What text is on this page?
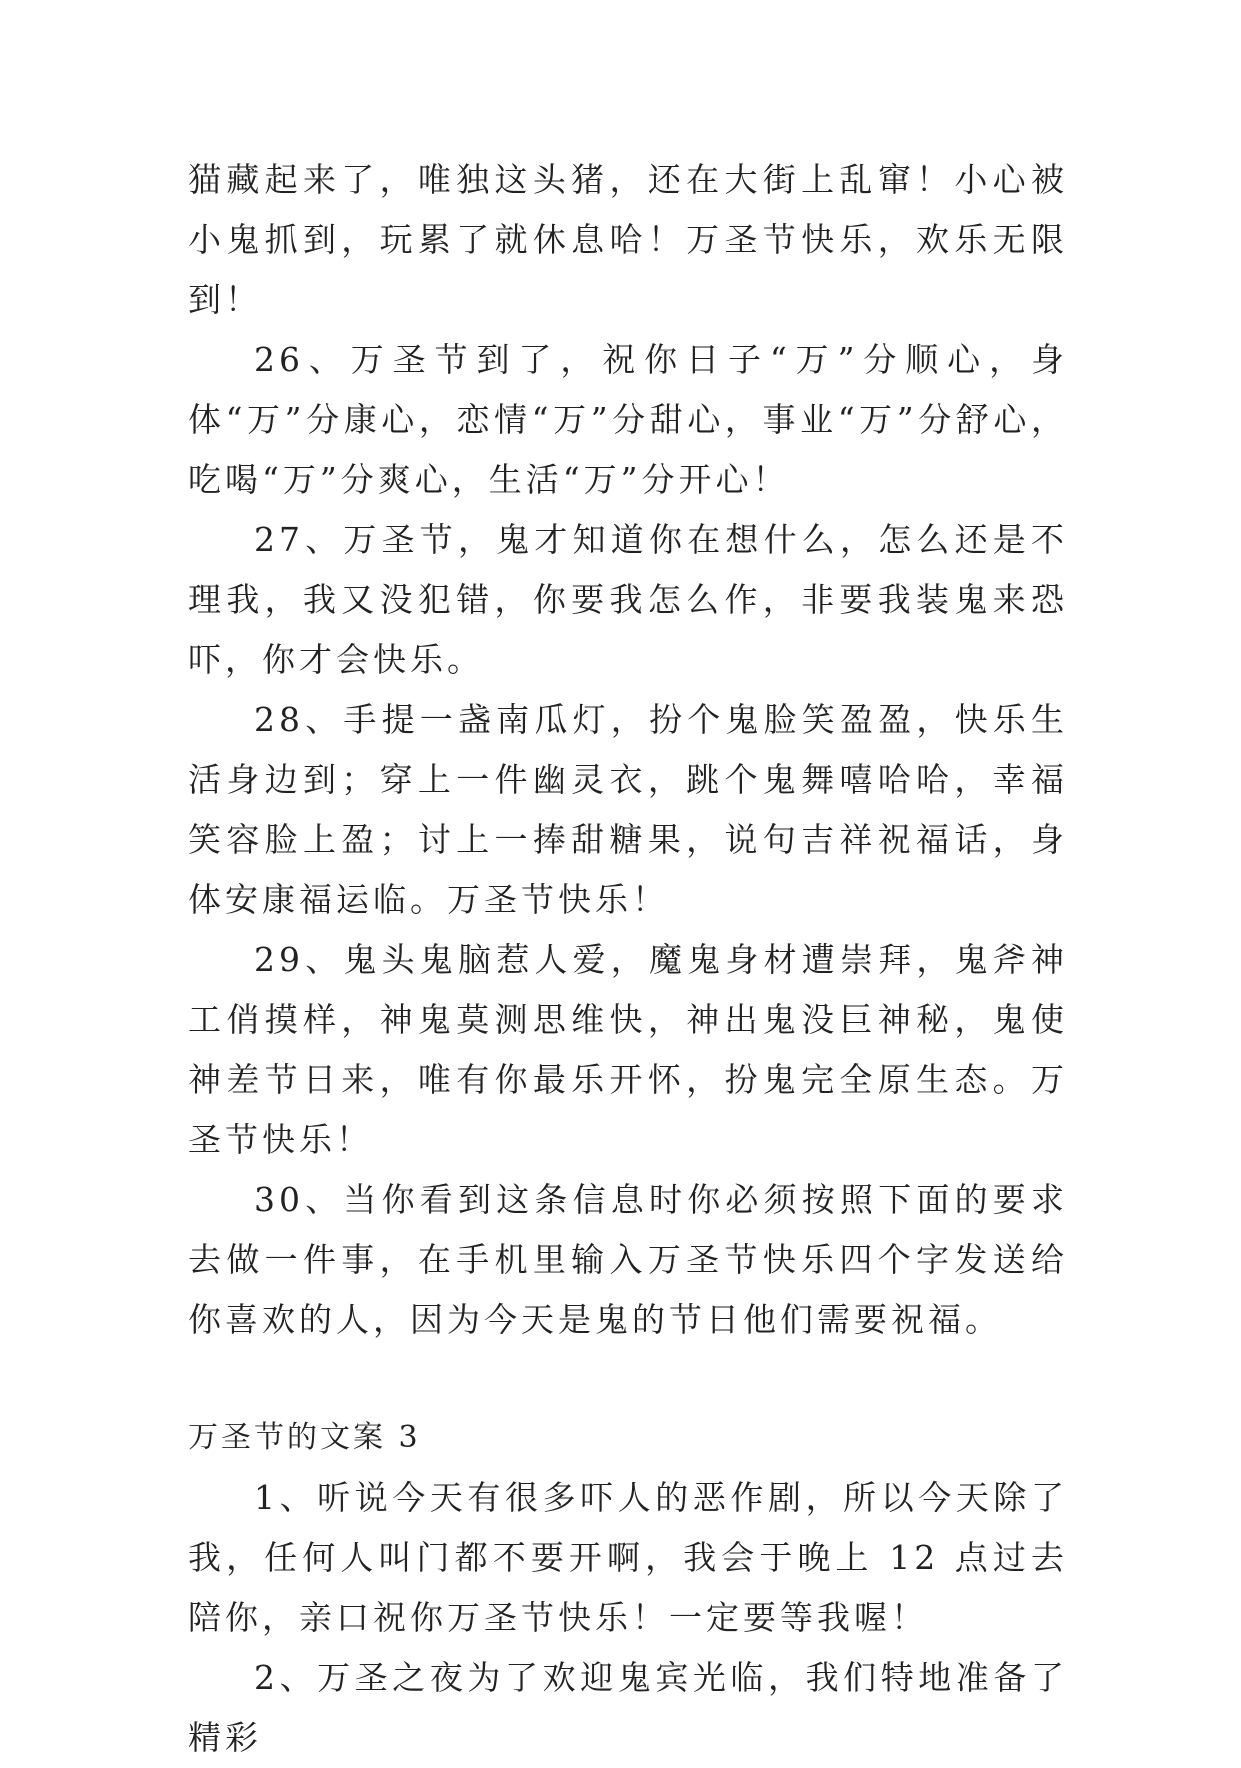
猫藏起来了，唯独这头猪，还在大街上乱窜！小心被小鬼抓到，玩累了就休息哈！万圣节快乐，欢乐无限到！

26、万圣节到了，祝你日子“万”分顺心，身体“万”分康心，恋情“万”分甜心，事业“万”分舒心，吃喝“万”分爽心，生活“万”分开心！

27、万圣节，鬼才知道你在想什么，怎么还是不理我，我又没犯错，你要我怎么作，非要我装鬼来恐吓，你才会快乐。

28、手提一盏南瓜灯，扮个鬼脸笑盈盈，快乐生活身边到；穿上一件幽灵衣，跳个鬼舞嘻哈哈，幸福笑容脸上盈；讨上一捧甜糖果，说句吉祥祝福话，身体安康福运临。万圣节快乐！

29、鬼头鬼脑惹人爱，魔鬼身材遭崇拜，鬼斧神工俏摸样，神鬼莫测思维快，神出鬼没巨神秘，鬼使神差节日来，唯有你最乐开怀，扮鬼完全原生态。万圣节快乐！

30、当你看到这条信息时你必须按照下面的要求去做一件事，在手机里输入万圣节快乐四个字发送给你喜欢的人，因为今天是鬼的节日他们需要祝福。

万圣节的文案 3

1、听说今天有很多吓人的恶作剧，所以今天除了我，任何人叫门都不要开啊，我会于晚上 12 点过去陪你，亲口祝你万圣节快乐！一定要等我喔！

2、万圣之夜为了欢迎鬼宾光临，我们特地准备了精彩
